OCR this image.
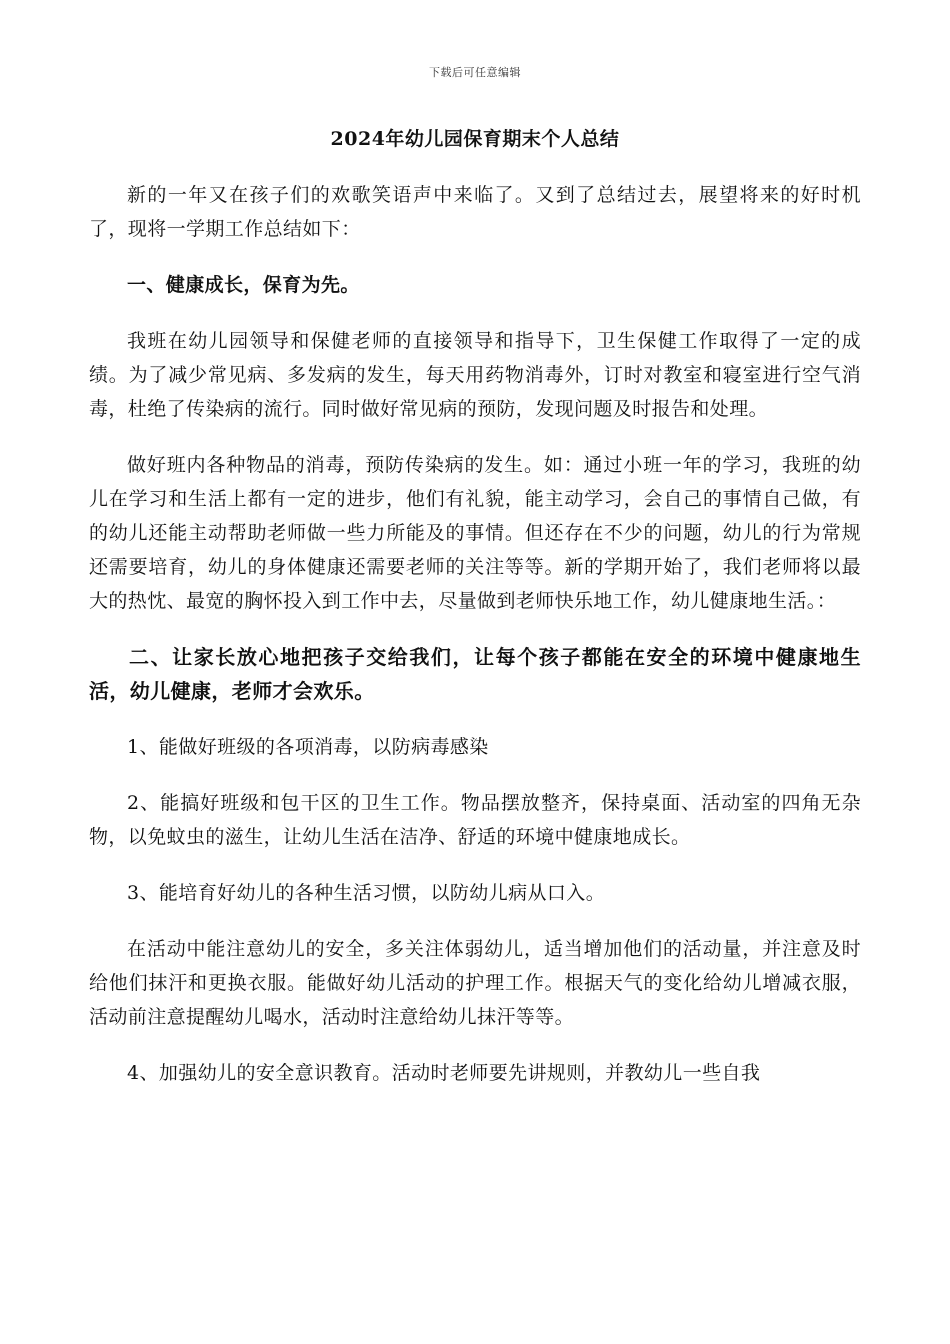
下载后可任意编辑
2024年幼儿园保育期末个人总结

新的一年又在孩子们的欢歌笑语声中来临了。又到了总结过去，展望将来的好时机了，现将一学期工作总结如下：

一、健康成长，保育为先。

我班在幼儿园领导和保健老师的直接领导和指导下，卫生保健工作取得了一定的成绩。为了减少常见病、多发病的发生，每天用药物消毒外，订时对教室和寝室进行空气消毒，杜绝了传染病的流行。同时做好常见病的预防，发现问题及时报告和处理。

做好班内各种物品的消毒，预防传染病的发生。如：通过小班一年的学习，我班的幼儿在学习和生活上都有一定的进步，他们有礼貌，能主动学习，会自己的事情自己做，有的幼儿还能主动帮助老师做一些力所能及的事情。但还存在不少的问题，幼儿的行为常规还需要培育，幼儿的身体健康还需要老师的关注等等。新的学期开始了，我们老师将以最大的热忱、最宽的胸怀投入到工作中去，尽量做到老师快乐地工作，幼儿健康地生活。：

二、让家长放心地把孩子交给我们，让每个孩子都能在安全的环境中健康地生活，幼儿健康，老师才会欢乐。

1、能做好班级的各项消毒，以防病毒感染

2、能搞好班级和包干区的卫生工作。物品摆放整齐，保持桌面、活动室的四角无杂物，以免蚊虫的滋生，让幼儿生活在洁净、舒适的环境中健康地成长。

3、能培育好幼儿的各种生活习惯，以防幼儿病从口入。

在活动中能注意幼儿的安全，多关注体弱幼儿，适当增加他们的活动量，并注意及时给他们抹汗和更换衣服。能做好幼儿活动的护理工作。根据天气的变化给幼儿增减衣服，活动前注意提醒幼儿喝水，活动时注意给幼儿抹汗等等。

4、加强幼儿的安全意识教育。活动时老师要先讲规则，并教幼儿一些自我
